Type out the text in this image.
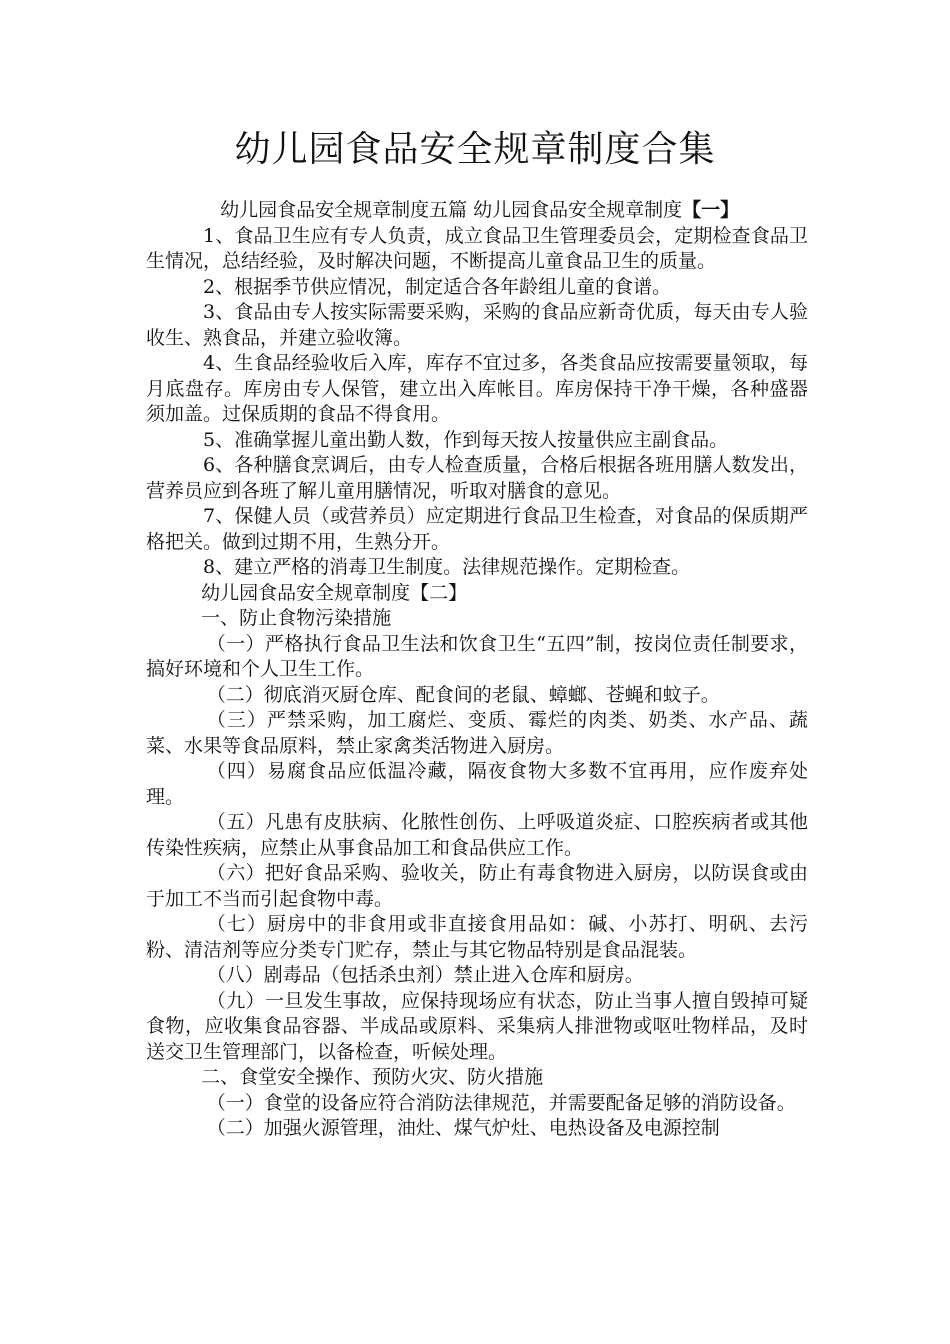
幼儿园食品安全规章制度合集

幼儿园食品安全规章制度五篇 幼儿园食品安全规章制度【一】

1、食品卫生应有专人负责，成立食品卫生管理委员会，定期检查食品卫生情况，总结经验，及时解决问题，不断提高儿童食品卫生的质量。

2、根据季节供应情况，制定适合各年龄组儿童的食谱。

3、食品由专人按实际需要采购，采购的食品应新奇优质，每天由专人验收生、熟食品，并建立验收簿。

4、生食品经验收后入库，库存不宜过多，各类食品应按需要量领取，每月底盘存。库房由专人保管，建立出入库帐目。库房保持干净干燥，各种盛器须加盖。过保质期的食品不得食用。

5、准确掌握儿童出勤人数，作到每天按人按量供应主副食品。

6、各种膳食烹调后，由专人检查质量，合格后根据各班用膳人数发出，营养员应到各班了解儿童用膳情况，听取对膳食的意见。

7、保健人员（或营养员）应定期进行食品卫生检查，对食品的保质期严格把关。做到过期不用，生熟分开。

8、建立严格的消毒卫生制度。法律规范操作。定期检查。

幼儿园食品安全规章制度【二】

一、防止食物污染措施

（一）严格执行食品卫生法和饮食卫生“五四”制，按岗位责任制要求，搞好环境和个人卫生工作。

（二）彻底消灭厨仓库、配食间的老鼠、蟑螂、苍蝇和蚊子。

（三）严禁采购，加工腐烂、变质、霉烂的肉类、奶类、水产品、蔬菜、水果等食品原料，禁止家禽类活物进入厨房。

（四）易腐食品应低温冷藏，隔夜食物大多数不宜再用，应作废弃处理。

（五）凡患有皮肤病、化脓性创伤、上呼吸道炎症、口腔疾病者或其他传染性疾病，应禁止从事食品加工和食品供应工作。

（六）把好食品采购、验收关，防止有毒食物进入厨房，以防误食或由于加工不当而引起食物中毒。

（七）厨房中的非食用或非直接食用品如：碱、小苏打、明矾、去污粉、清洁剂等应分类专门贮存，禁止与其它物品特别是食品混装。

（八）剧毒品（包括杀虫剂）禁止进入仓库和厨房。

（九）一旦发生事故，应保持现场应有状态，防止当事人擅自毁掉可疑食物，应收集食品容器、半成品或原料、采集病人排泄物或呕吐物样品，及时送交卫生管理部门，以备检查，听候处理。

二、食堂安全操作、预防火灾、防火措施

（一）食堂的设备应符合消防法律规范，并需要配备足够的消防设备。

（二）加强火源管理，油灶、煤气炉灶、电热设备及电源控制
